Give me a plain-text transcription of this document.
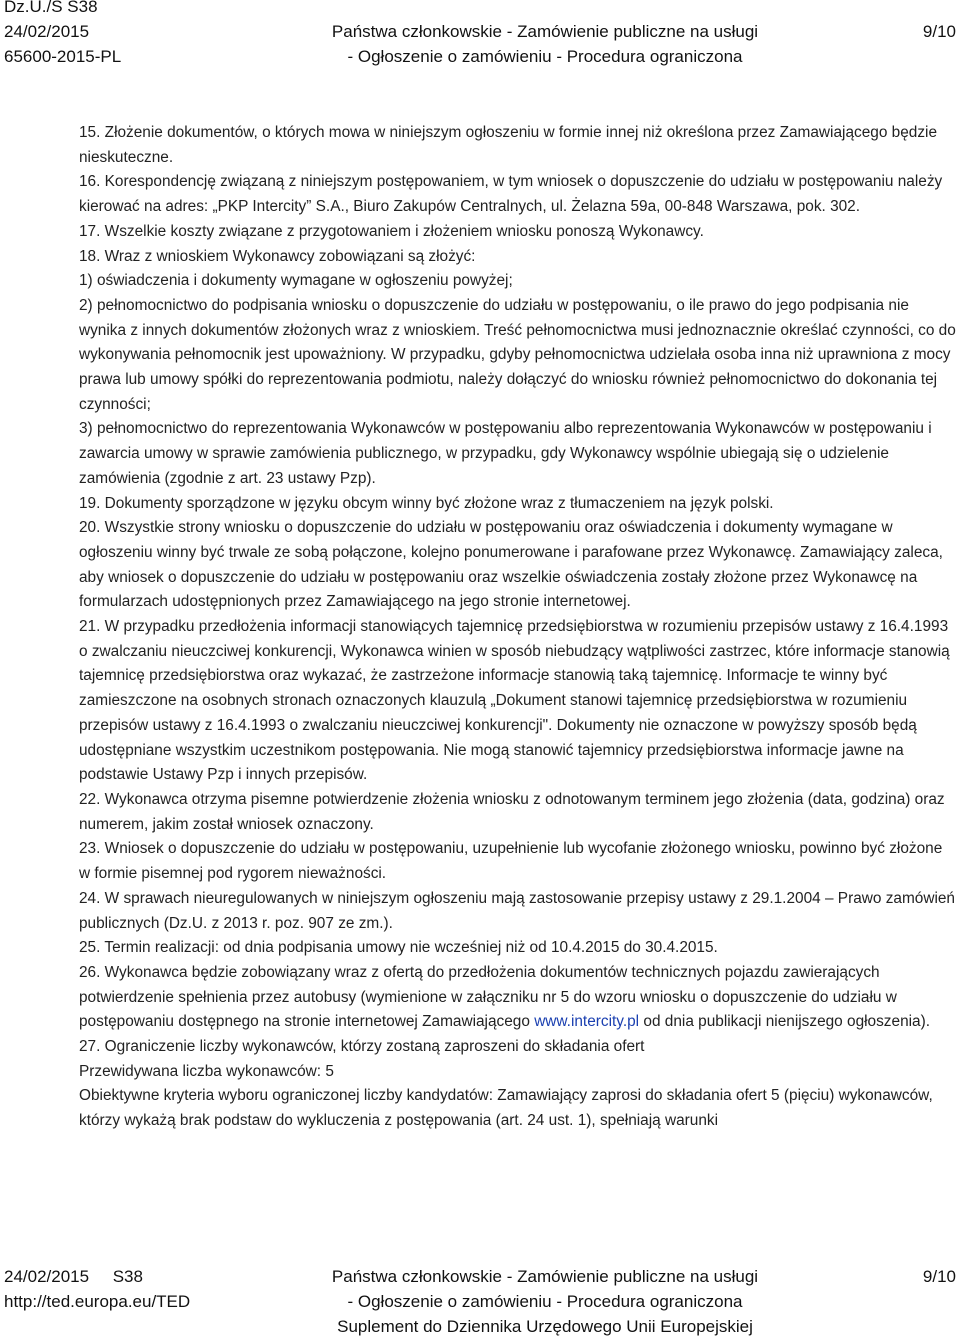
Dz.U./S S38
24/02/2015	Państwa członkowskie - Zamówienie publiczne na usługi	9/10
65600-2015-PL	- Ogłoszenie o zamówieniu - Procedura ograniczona

15. Złożenie dokumentów, o których mowa w niniejszym ogłoszeniu w formie innej niż określona przez Zamawiającego będzie nieskuteczne.

16. Korespondencję związaną z niniejszym postępowaniem, w tym wniosek o dopuszczenie do udziału w postępowaniu należy kierować na adres: „PKP Intercity” S.A., Biuro Zakupów Centralnych, ul. Żelazna 59a, 00-848 Warszawa, pok. 302.

17. Wszelkie koszty związane z przygotowaniem i złożeniem wniosku ponoszą Wykonawcy.

18. Wraz z wnioskiem Wykonawcy zobowiązani są złożyć:

1) oświadczenia i dokumenty wymagane w ogłoszeniu powyżej;

2) pełnomocnictwo do podpisania wniosku o dopuszczenie do udziału w postępowaniu, o ile prawo do jego podpisania nie wynika z innych dokumentów złożonych wraz z wnioskiem. Treść pełnomocnictwa musi jednoznacznie określać czynności, co do wykonywania pełnomocnik jest upoważniony. W przypadku, gdyby pełnomocnictwa udzielała osoba inna niż uprawniona z mocy prawa lub umowy spółki do reprezentowania podmiotu, należy dołączyć do wniosku również pełnomocnictwo do dokonania tej czynności;

3) pełnomocnictwo do reprezentowania Wykonawców w postępowaniu albo reprezentowania Wykonawców w postępowaniu i zawarcia umowy w sprawie zamówienia publicznego, w przypadku, gdy Wykonawcy wspólnie ubiegają się o udzielenie zamówienia (zgodnie z art. 23 ustawy Pzp).

19. Dokumenty sporządzone w języku obcym winny być złożone wraz z tłumaczeniem na język polski.

20. Wszystkie strony wniosku o dopuszczenie do udziału w postępowaniu oraz oświadczenia i dokumenty wymagane w ogłoszeniu winny być trwale ze sobą połączone, kolejno ponumerowane i parafowane przez Wykonawcę. Zamawiający zaleca, aby wniosek o dopuszczenie do udziału w postępowaniu oraz wszelkie oświadczenia zostały złożone przez Wykonawcę na formularzach udostępnionych przez Zamawiającego na jego stronie internetowej.

21. W przypadku przedłożenia informacji stanowiących tajemnicę przedsiębiorstwa w rozumieniu przepisów ustawy z 16.4.1993 o zwalczaniu nieuczciwej konkurencji, Wykonawca winien w sposób niebudzący wątpliwości zastrzec, które informacje stanowią tajemnicę przedsiębiorstwa oraz wykazać, że zastrzeżone informacje stanowią taką tajemnicę. Informacje te winny być zamieszczone na osobnych stronach oznaczonych klauzulą „Dokument stanowi tajemnicę przedsiębiorstwa w rozumieniu przepisów ustawy z 16.4.1993 o zwalczaniu nieuczciwej konkurencji". Dokumenty nie oznaczone w powyższy sposób będą udostępniane wszystkim uczestnikom postępowania. Nie mogą stanowić tajemnicy przedsiębiorstwa informacje jawne na podstawie Ustawy Pzp i innych przepisów.

22. Wykonawca otrzyma pisemne potwierdzenie złożenia wniosku z odnotowanym terminem jego złożenia (data, godzina) oraz numerem, jakim został wniosek oznaczony.

23. Wniosek o dopuszczenie do udziału w postępowaniu, uzupełnienie lub wycofanie złożonego wniosku, powinno być złożone w formie pisemnej pod rygorem nieważności.

24. W sprawach nieuregulowanych w niniejszym ogłoszeniu mają zastosowanie przepisy ustawy z 29.1.2004 – Prawo zamówień publicznych (Dz.U. z 2013 r. poz. 907 ze zm.).

25. Termin realizacji: od dnia podpisania umowy nie wcześniej niż od 10.4.2015 do 30.4.2015.

26. Wykonawca będzie zobowiązany wraz z ofertą do przedłożenia dokumentów technicznych pojazdu zawierających potwierdzenie spełnienia przez autobusy (wymienione w załączniku nr 5 do wzoru wniosku o dopuszczenie do udziału w postępowaniu dostępnego na stronie internetowej Zamawiającego www.intercity.pl od dnia publikacji nienijszego ogłoszenia).

27. Ograniczenie liczby wykonawców, którzy zostaną zaproszeni do składania ofert

Przewidywana liczba wykonawców: 5

Obiektywne kryteria wyboru ograniczonej liczby kandydatów: Zamawiający zaprosi do składania ofert 5 (pięciu) wykonawców, którzy wykażą brak podstaw do wykluczenia z postępowania (art. 24 ust. 1), spełniają warunki

24/02/2015     S38	Państwa członkowskie - Zamówienie publiczne na usługi	9/10
http://ted.europa.eu/TED	- Ogłoszenie o zamówieniu - Procedura ograniczona
Suplement do Dziennika Urzędowego Unii Europejskiej
